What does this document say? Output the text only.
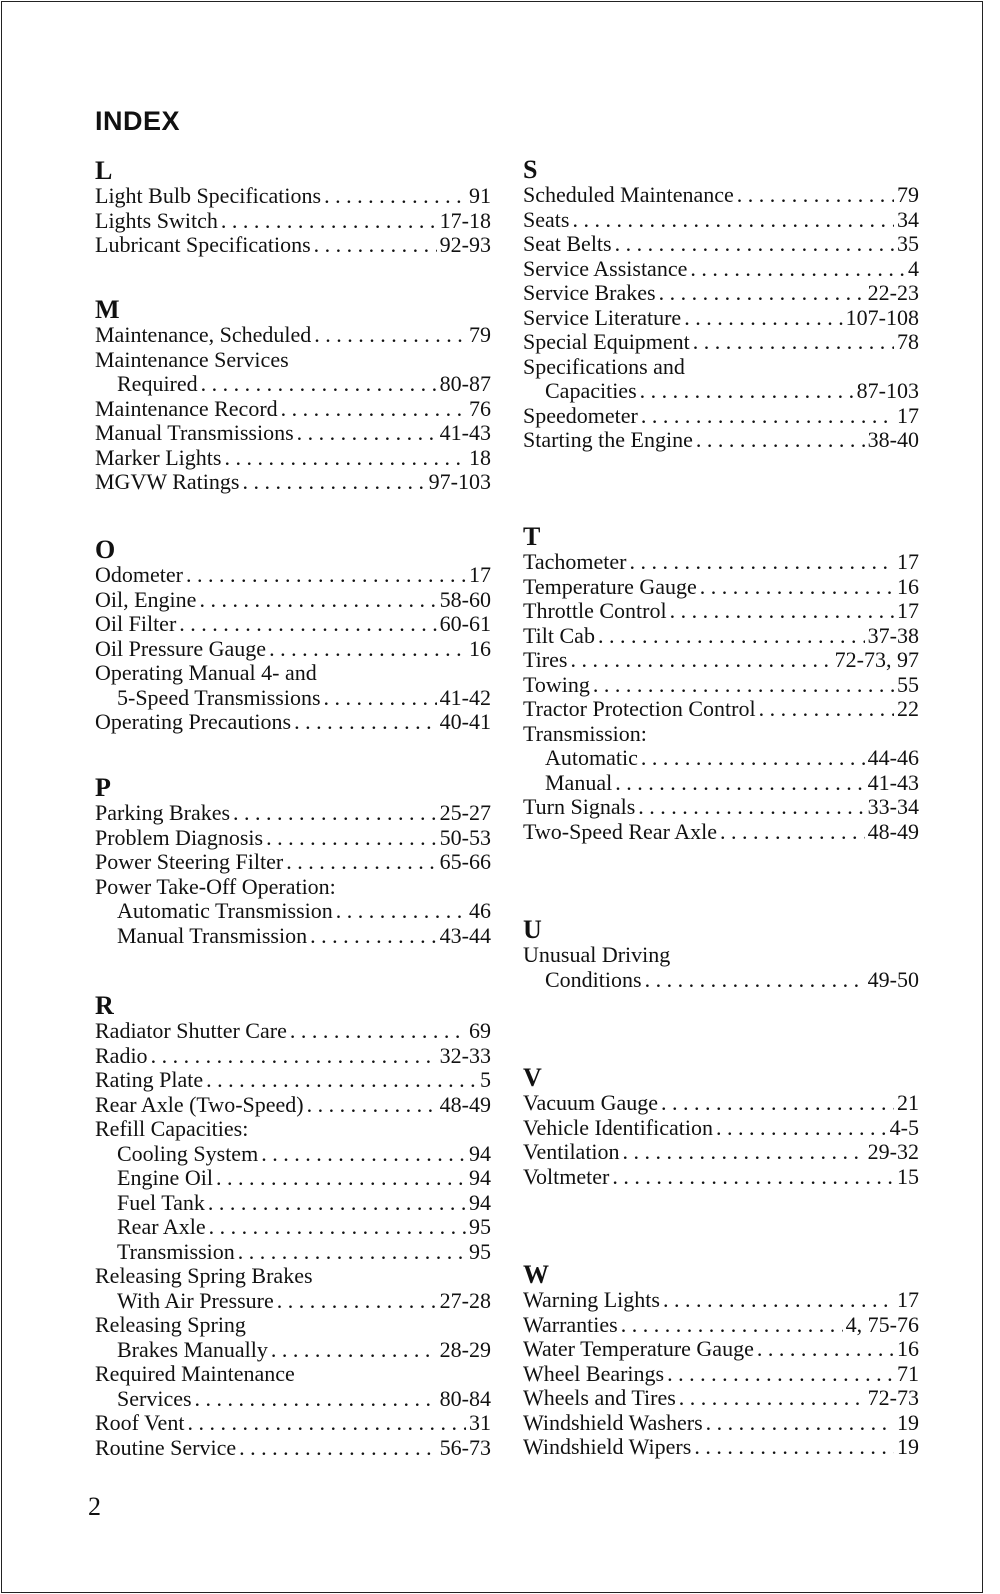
INDEX
L
Light Bulb Specifications . . .	91
Lights Switch . . .	17-18
Lubricant Specifications . . .	92-93
M
Maintenance, Scheduled . . .	79
Maintenance Services
Required . . .	80-87
Maintenance Record . . .	76
Manual Transmissions . . .	41-43
Marker Lights . . .	18
MGVW Ratings . . .	97-103
O
Odometer . . .	17
Oil, Engine . . .	58-60
Oil Filter . . .	60-61
Oil Pressure Gauge . . .	16
Operating Manual 4- and
5-Speed Transmissions . . .	41-42
Operating Precautions . . .	40-41
P
Parking Brakes . . .	25-27
Problem Diagnosis . . .	50-53
Power Steering Filter . . .	65-66
Power Take-Off Operation:
Automatic Transmission . . .	46
Manual Transmission . . .	43-44
R
Radiator Shutter Care . . .	69
Radio . . .	32-33
Rating Plate . . .	5
Rear Axle (Two-Speed) . . .	48-49
Refill Capacities:
Cooling System . . .	94
Engine Oil . . .	94
Fuel Tank . . .	94
Rear Axle . . .	95
Transmission . . .	95
Releasing Spring Brakes
With Air Pressure . . .	27-28
Releasing Spring
Brakes Manually . . .	28-29
Required Maintenance
Services . . .	80-84
Roof Vent . . .	31
Routine Service . . .	56-73
S
Scheduled Maintenance . . .	79
Seats . . .	34
Seat Belts . . .	35
Service Assistance . . .	4
Service Brakes . . .	22-23
Service Literature . . .	107-108
Special Equipment . . .	78
Specifications and
Capacities . . .	87-103
Speedometer . . .	17
Starting the Engine . . .	38-40
T
Tachometer . . .	17
Temperature Gauge . . .	16
Throttle Control . . .	17
Tilt Cab . . .	37-38
Tires . . .	72-73, 97
Towing . . .	55
Tractor Protection Control . . .	22
Transmission:
Automatic . . .	44-46
Manual . . .	41-43
Turn Signals . . .	33-34
Two-Speed Rear Axle . . .	48-49
U
Unusual Driving
Conditions . . .	49-50
V
Vacuum Gauge . . .	21
Vehicle Identification . . .	4-5
Ventilation . . .	29-32
Voltmeter . . .	15
W
Warning Lights . . .	17
Warranties . . .	4, 75-76
Water Temperature Gauge . . .	16
Wheel Bearings . . .	71
Wheels and Tires . . .	72-73
Windshield Washers . . .	19
Windshield Wipers . . .	19
2
